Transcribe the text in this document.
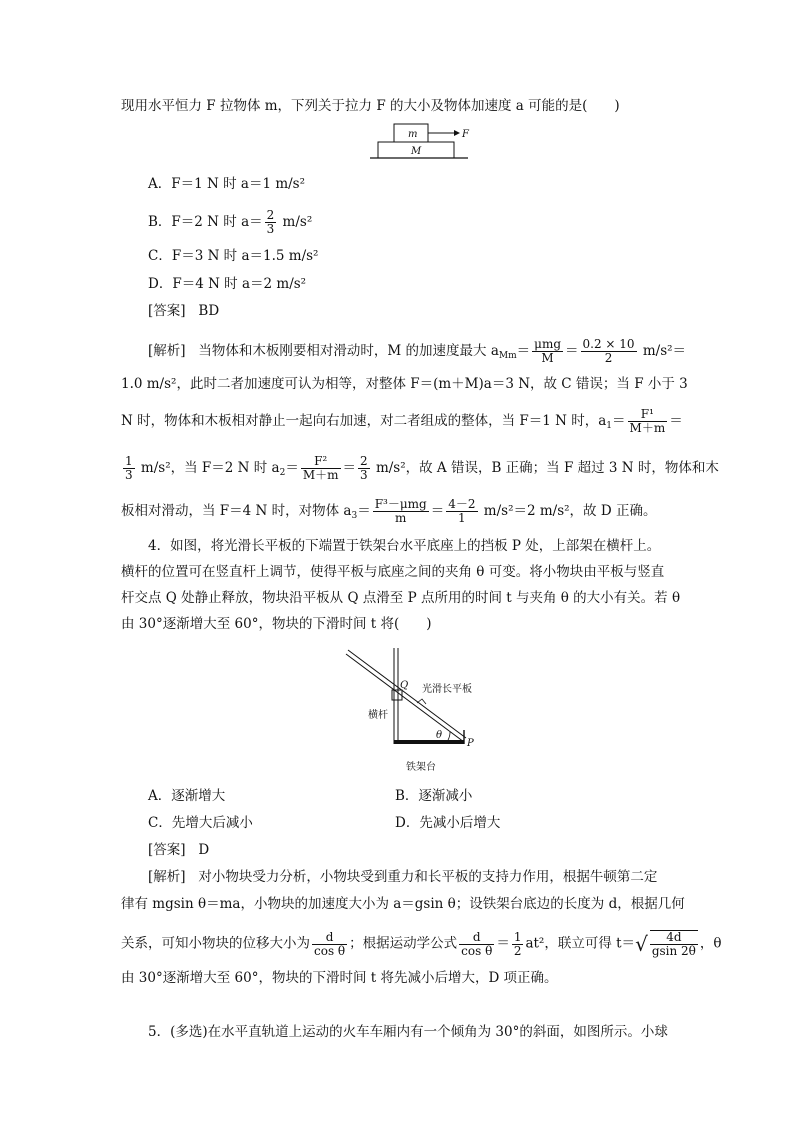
现用水平恒力 F 拉物体 m，下列关于拉力 F 的大小及物体加速度 a 可能的是(　　)
m	F
M
A．F＝1 N 时 a＝1 m/s²
B．F＝2 N 时 $a= \frac{2}{3} m/s^2$
C．F＝3 N 时 a＝1.5 m/s²
D．F＝4 N 时 a＝2 m/s²
[答案] BD
[解析] 当物体和木板刚要相对滑动时，M 的加速度最大 $a_{Mm}= \frac{\text{μmg}}{M} = \frac{0.2 \times 10}{2} m/s^2=$
1.0 m/s²，此时二者加速度可认为相等，对整体 F＝(m＋M)a＝3 N，故 C 错误；当 F 小于 3
N 时，物体和木板相对静止一起向右加速，对二者组成的整体，当 F＝1 N 时，$a_1= \frac{\text{F¹}}{M+m}$ ＝
$\frac{1}{3} m/s^2$，当 F＝2 N 时 $a_2= \frac{\text{F²}}{M+m} = \frac{2}{3} m/s^2$，故 A 错误，B 正确；当 F 超过 3 N 时，物体和木
板相对滑动，当 F＝4 N 时，对物体 $a_3= \frac{\text{F³－μmg}}{m} = \frac{4-2}{1} m/s^2=2$ m/s²，故 D 正确。
4．如图，将光滑长平板的下端置于铁架台水平底座上的挡板 P 处，上部架在横杆上。
横杆的位置可在竖直杆上调节，使得平板与底座之间的夹角 θ 可变。将小物块由平板与竖直
杆交点 Q 处静止释放，物块沿平板从 Q 点滑至 P 点所用的时间 t 与夹角 θ 的大小有关。若 θ
由 30°逐渐增大至 60°，物块的下滑时间 t 将(　　)
Q 光滑长平板
横杆
θ
P
铁架台
A．逐渐增大	B．逐渐减小
C．先增大后减小	D．先减小后增大
[答案] D
[解析] 对小物块受力分析，小物块受到重力和长平板的支持力作用，根据牛顿第二定
律有 mgsin θ＝ma，小物块的加速度大小为 a＝gsin θ；设铁架台底边的长度为 d，根据几何
关系，可知小物块的位移大小为 $\frac{d}{\text{cos θ}}$ ；根据运动学公式 $\frac{d}{\text{cos θ}} = \frac{1}{2} at^2$，联立可得 $t=√ \frac{4d}{gsin 2\theta}$ ，θ
由 30°逐渐增大至 60°，物块的下滑时间 t 将先减小后增大，D 项正确。
5．(多选)在水平直轨道上运动的火车车厢内有一个倾角为 30°的斜面，如图所示。小球
